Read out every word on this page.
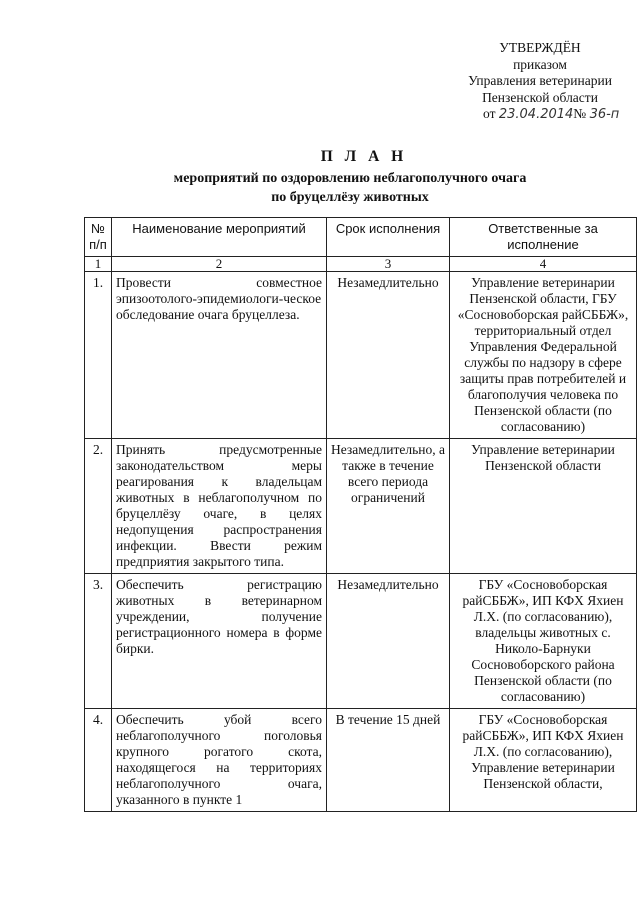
УТВЕРЖДЁН
приказом
Управления ветеринарии
Пензенской области
от 23.04.2014№ 36-п
П Л А Н
мероприятий по оздоровлению неблагополучного очага
по бруцеллёзу животных
№ п/п	Наименование мероприятий	Срок исполнения	Ответственные за исполнение
1	2	3	4
1.	Провести совместное эпизоотолого-эпидемиологи-ческое обследование очага бруцеллеза.	Незамедлительно	Управление ветеринарии Пензенской области, ГБУ «Сосновоборская райСББЖ», территориальный отдел Управления Федеральной службы по надзору в сфере защиты прав потребителей и благополучия человека по Пензенской области (по согласованию)
2.	Принять предусмотренные законодательством меры реагирования к владельцам животных в неблагополучном по бруцеллёзу очаге, в целях недопущения распространения инфекции. Ввести режим предприятия закрытого типа.	Незамедлительно, а также в течение всего периода ограничений	Управление ветеринарии Пензенской области
3.	Обеспечить регистрацию животных в ветеринарном учреждении, получение регистрационного номера в форме бирки.	Незамедлительно	ГБУ «Сосновоборская райСББЖ», ИП КФХ Яхиен Л.Х. (по согласованию), владельцы животных с. Николо-Барнуки Сосновоборского района Пензенской области (по согласованию)
4.	Обеспечить убой всего неблагополучного поголовья крупного рогатого скота, находящегося на территориях неблагополучного очага, указанного в пункте 1	В течение 15 дней	ГБУ «Сосновоборская райСББЖ», ИП КФХ Яхиен Л.Х. (по согласованию), Управление ветеринарии Пензенской области,
